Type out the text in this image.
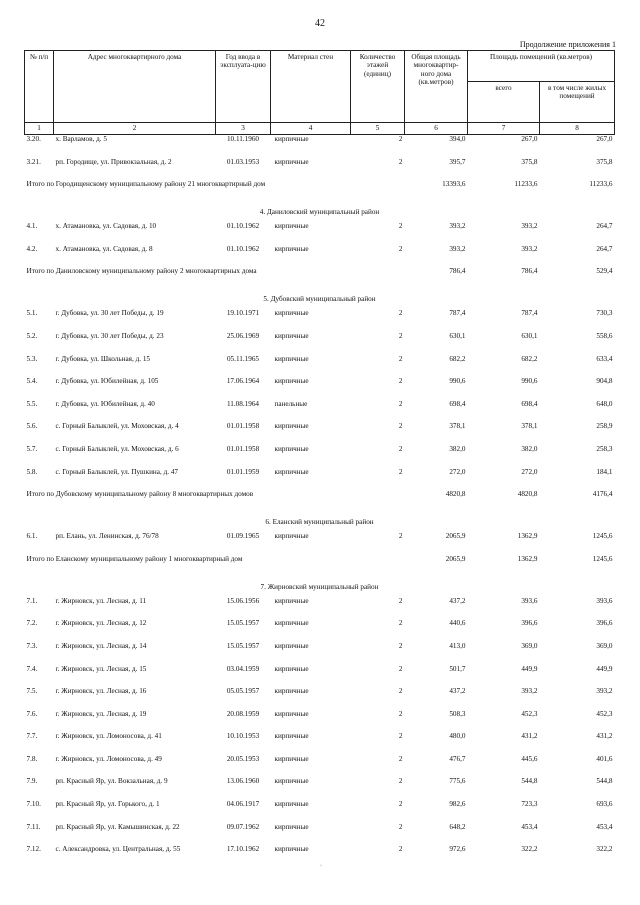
42
Продолжение приложения 1
№ п/п	Адрес многоквартирного дома	Год ввода в эксплуата-цию	Материал стен	Количество этажей (единиц)	Общая площадь многоквартир-ного дома (кв.метров)	Площадь помещений (кв.метров)	
						всего	в том числе жилых помещений
1	2	3	4	5	6	7	8
3.20.	х. Варламов, д. 5	10.11.1960	кирпичные	2	394,0	267,0	267,0
3.21.	рп. Городище, ул. Привокзальная, д. 2	01.03.1953	кирпичные	2	395,7	375,8	375,8
Итого по Городищенскому муниципальному району 21 многоквартирный дом					13393,6	11233,6	11233,6
4. Даниловский муниципальный район							
4.1.	х. Атамановка, ул. Садовая, д. 10	01.10.1962	кирпичные	2	393,2	393,2	264,7
4.2.	х. Атамановка, ул. Садовая, д. 8	01.10.1962	кирпичные	2	393,2	393,2	264,7
Итого по Даниловскому муниципальному району 2 многоквартирных дома					786,4	786,4	529,4
5. Дубовский муниципальный район							
5.1.	г. Дубовка, ул. 30 лет Победы, д. 19	19.10.1971	кирпичные	2	787,4	787,4	730,3
5.2.	г. Дубовка, ул. 30 лет Победы, д. 23	25.06.1969	кирпичные	2	630,1	630,1	558,6
5.3.	г. Дубовка, ул. Школьная, д. 15	05.11.1965	кирпичные	2	682,2	682,2	633,4
5.4.	г. Дубовка, ул. Юбилейная, д. 105	17.06.1964	кирпичные	2	990,6	990,6	904,8
5.5.	г. Дубовка, ул. Юбилейная, д. 40	11.08.1964	панельные	2	698,4	698,4	648,0
5.6.	с. Горный Балыклей, ул. Моховская, д. 4	01.01.1958	кирпичные	2	378,1	378,1	258,9
5.7.	с. Горный Балыклей, ул. Моховская, д. 6	01.01.1958	кирпичные	2	382,0	382,0	258,3
5.8.	с. Горный Балыклей, ул. Пушкина, д. 47	01.01.1959	кирпичные	2	272,0	272,0	184,1
Итого по Дубовскому муниципальному району 8 многоквартирных домов					4820,8	4820,8	4176,4
6. Еланский муниципальный район							
6.1.	рп. Елань, ул. Ленинская, д. 76/78	01.09.1965	кирпичные	2	2065,9	1362,9	1245,6
Итого по Еланскому муниципальному району 1 многоквартирный дом					2065,9	1362,9	1245,6
7. Жирновский муниципальный район							
7.1.	г. Жирновск, ул. Лесная, д. 11	15.06.1956	кирпичные	2	437,2	393,6	393,6
7.2.	г. Жирновск, ул. Лесная, д. 12	15.05.1957	кирпичные	2	440,6	396,6	396,6
7.3.	г. Жирновск, ул. Лесная, д. 14	15.05.1957	кирпичные	2	413,0	369,0	369,0
7.4.	г. Жирновск, ул. Лесная, д. 15	03.04.1959	кирпичные	2	501,7	449,9	449,9
7.5.	г. Жирновск, ул. Лесная, д. 16	05.05.1957	кирпичные	2	437,2	393,2	393,2
7.6.	г. Жирновск, ул. Лесная, д. 19	20.08.1959	кирпичные	2	508,3	452,3	452,3
7.7.	г. Жирновск, ул. Ломоносова, д. 41	10.10.1953	кирпичные	2	480,0	431,2	431,2
7.8.	г. Жирновск, ул. Ломоносова, д. 49	20.05.1953	кирпичные	2	476,7	445,6	401,6
7.9.	рп. Красный Яр, ул. Вокзальная, д. 9	13.06.1960	кирпичные	2	775,6	544,8	544,8
7.10.	рп. Красный Яр, ул. Горького, д. 1	04.06.1917	кирпичные	2	982,6	723,3	693,6
7.11.	рп. Красный Яр, ул. Камышинская, д. 22	09.07.1962	кирпичные	2	648,2	453,4	453,4
7.12.	с. Александровка, ул. Центральная, д. 55	17.10.1962	кирпичные	2	972,6	322,2	322,2
·
